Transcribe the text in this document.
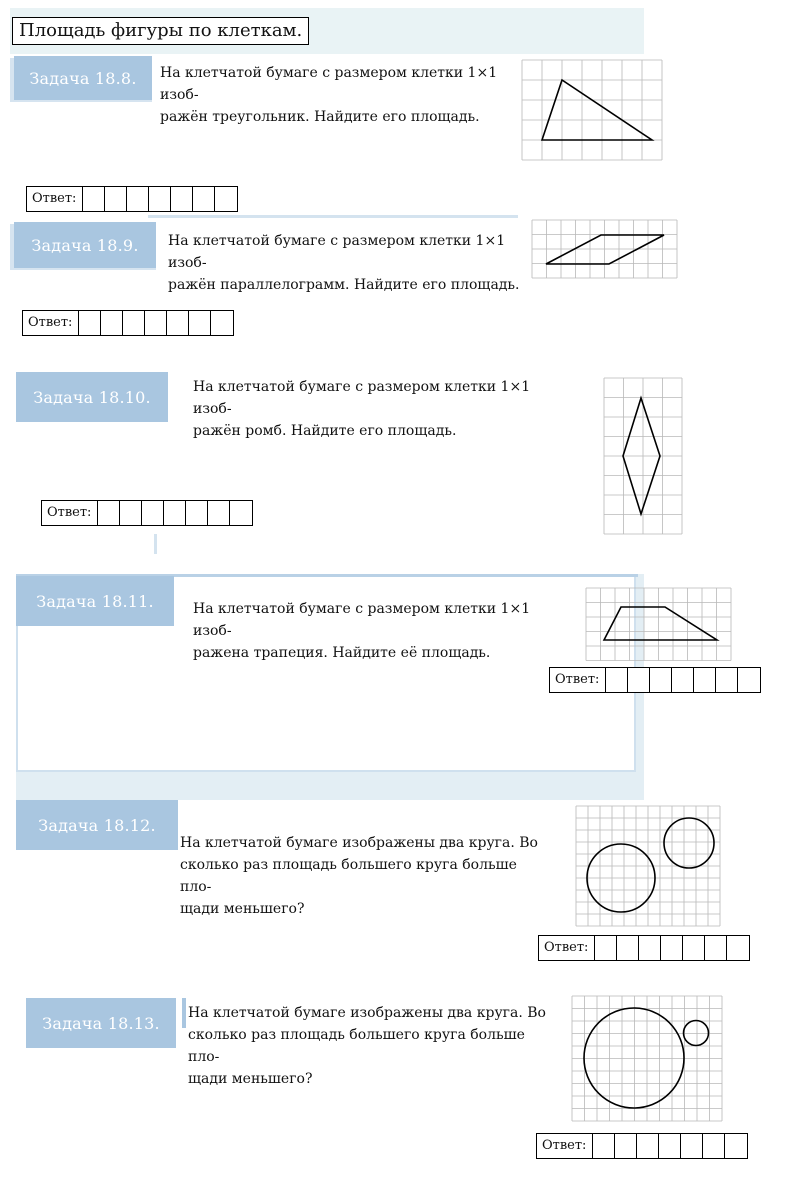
Площадь фигуры по клеткам.
Задача 18.8.	На клетчатой бумаге с размером клетки 1×1 изоб-
ражён треугольник. Найдите его площадь.
Ответ:
Задача 18.9.	На клетчатой бумаге с размером клетки 1×1 изоб-
ражён параллелограмм. Найдите его площадь.
Ответ:
Задача 18.10.
На клетчатой бумаге с размером клетки 1×1 изоб-
ражён ромб. Найдите его площадь.
Ответ:
Задача 18.11.	На клетчатой бумаге с размером клетки 1×1 изоб-
ражена трапеция. Найдите её площадь.
Ответ:
Задача 18.12.
На клетчатой бумаге изображены два круга. Во
сколько раз площадь большего круга больше пло-
щади меньшего?
Ответ:
Задача 18.13.
На клетчатой бумаге изображены два круга. Во
сколько раз площадь большего круга больше пло-
щади меньшего?
Ответ:
